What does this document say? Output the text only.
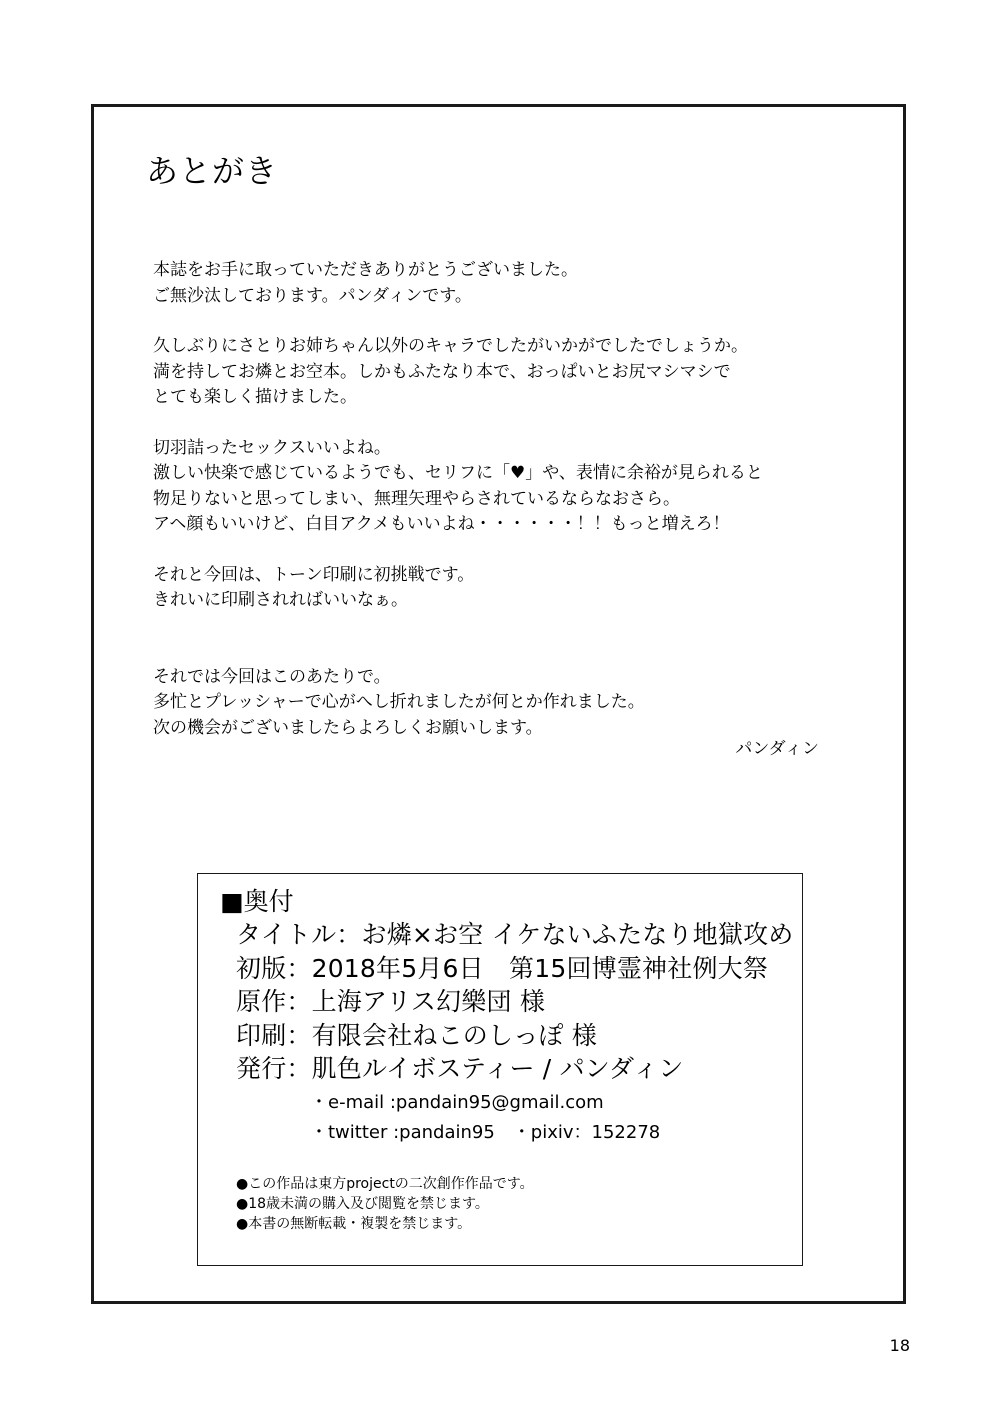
あとがき

本誌をお手に取っていただきありがとうございました。
ご無沙汰しております。パンダィンです。

久しぶりにさとりお姉ちゃん以外のキャラでしたがいかがでしたでしょうか。
満を持してお燐とお空本。しかもふたなり本で、おっぱいとお尻マシマシで
とても楽しく描けました。

切羽詰ったセックスいいよね。
激しい快楽で感じているようでも、セリフに「♥」や、表情に余裕が見られると
物足りないと思ってしまい、無理矢理やらされているならなおさら。
アヘ顔もいいけど、白目アクメもいいよね・・・・・・！！もっと増えろ！

それと今回は、トーン印刷に初挑戦です。
きれいに印刷されればいいなぁ。

それでは今回はこのあたりで。
多忙とプレッシャーで心がへし折れましたが何とか作れました。
次の機会がございましたらよろしくお願いします。

パンダィン
■奥付
タイトル：お燐×お空 イケないふたなり地獄攻め
初版：2018年5月6日　第15回博霊神社例大祭
原作：上海アリス幻樂団 様
印刷：有限会社ねこのしっぽ 様
発行：肌色ルイボスティー / パンダィン
・e-mail :pandain95@gmail.com
・twitter :pandain95　・pixiv：152278
●この作品は東方projectの二次創作作品です。
●18歳未満の購入及び閲覧を禁じます。
●本書の無断転載・複製を禁じます。
18
